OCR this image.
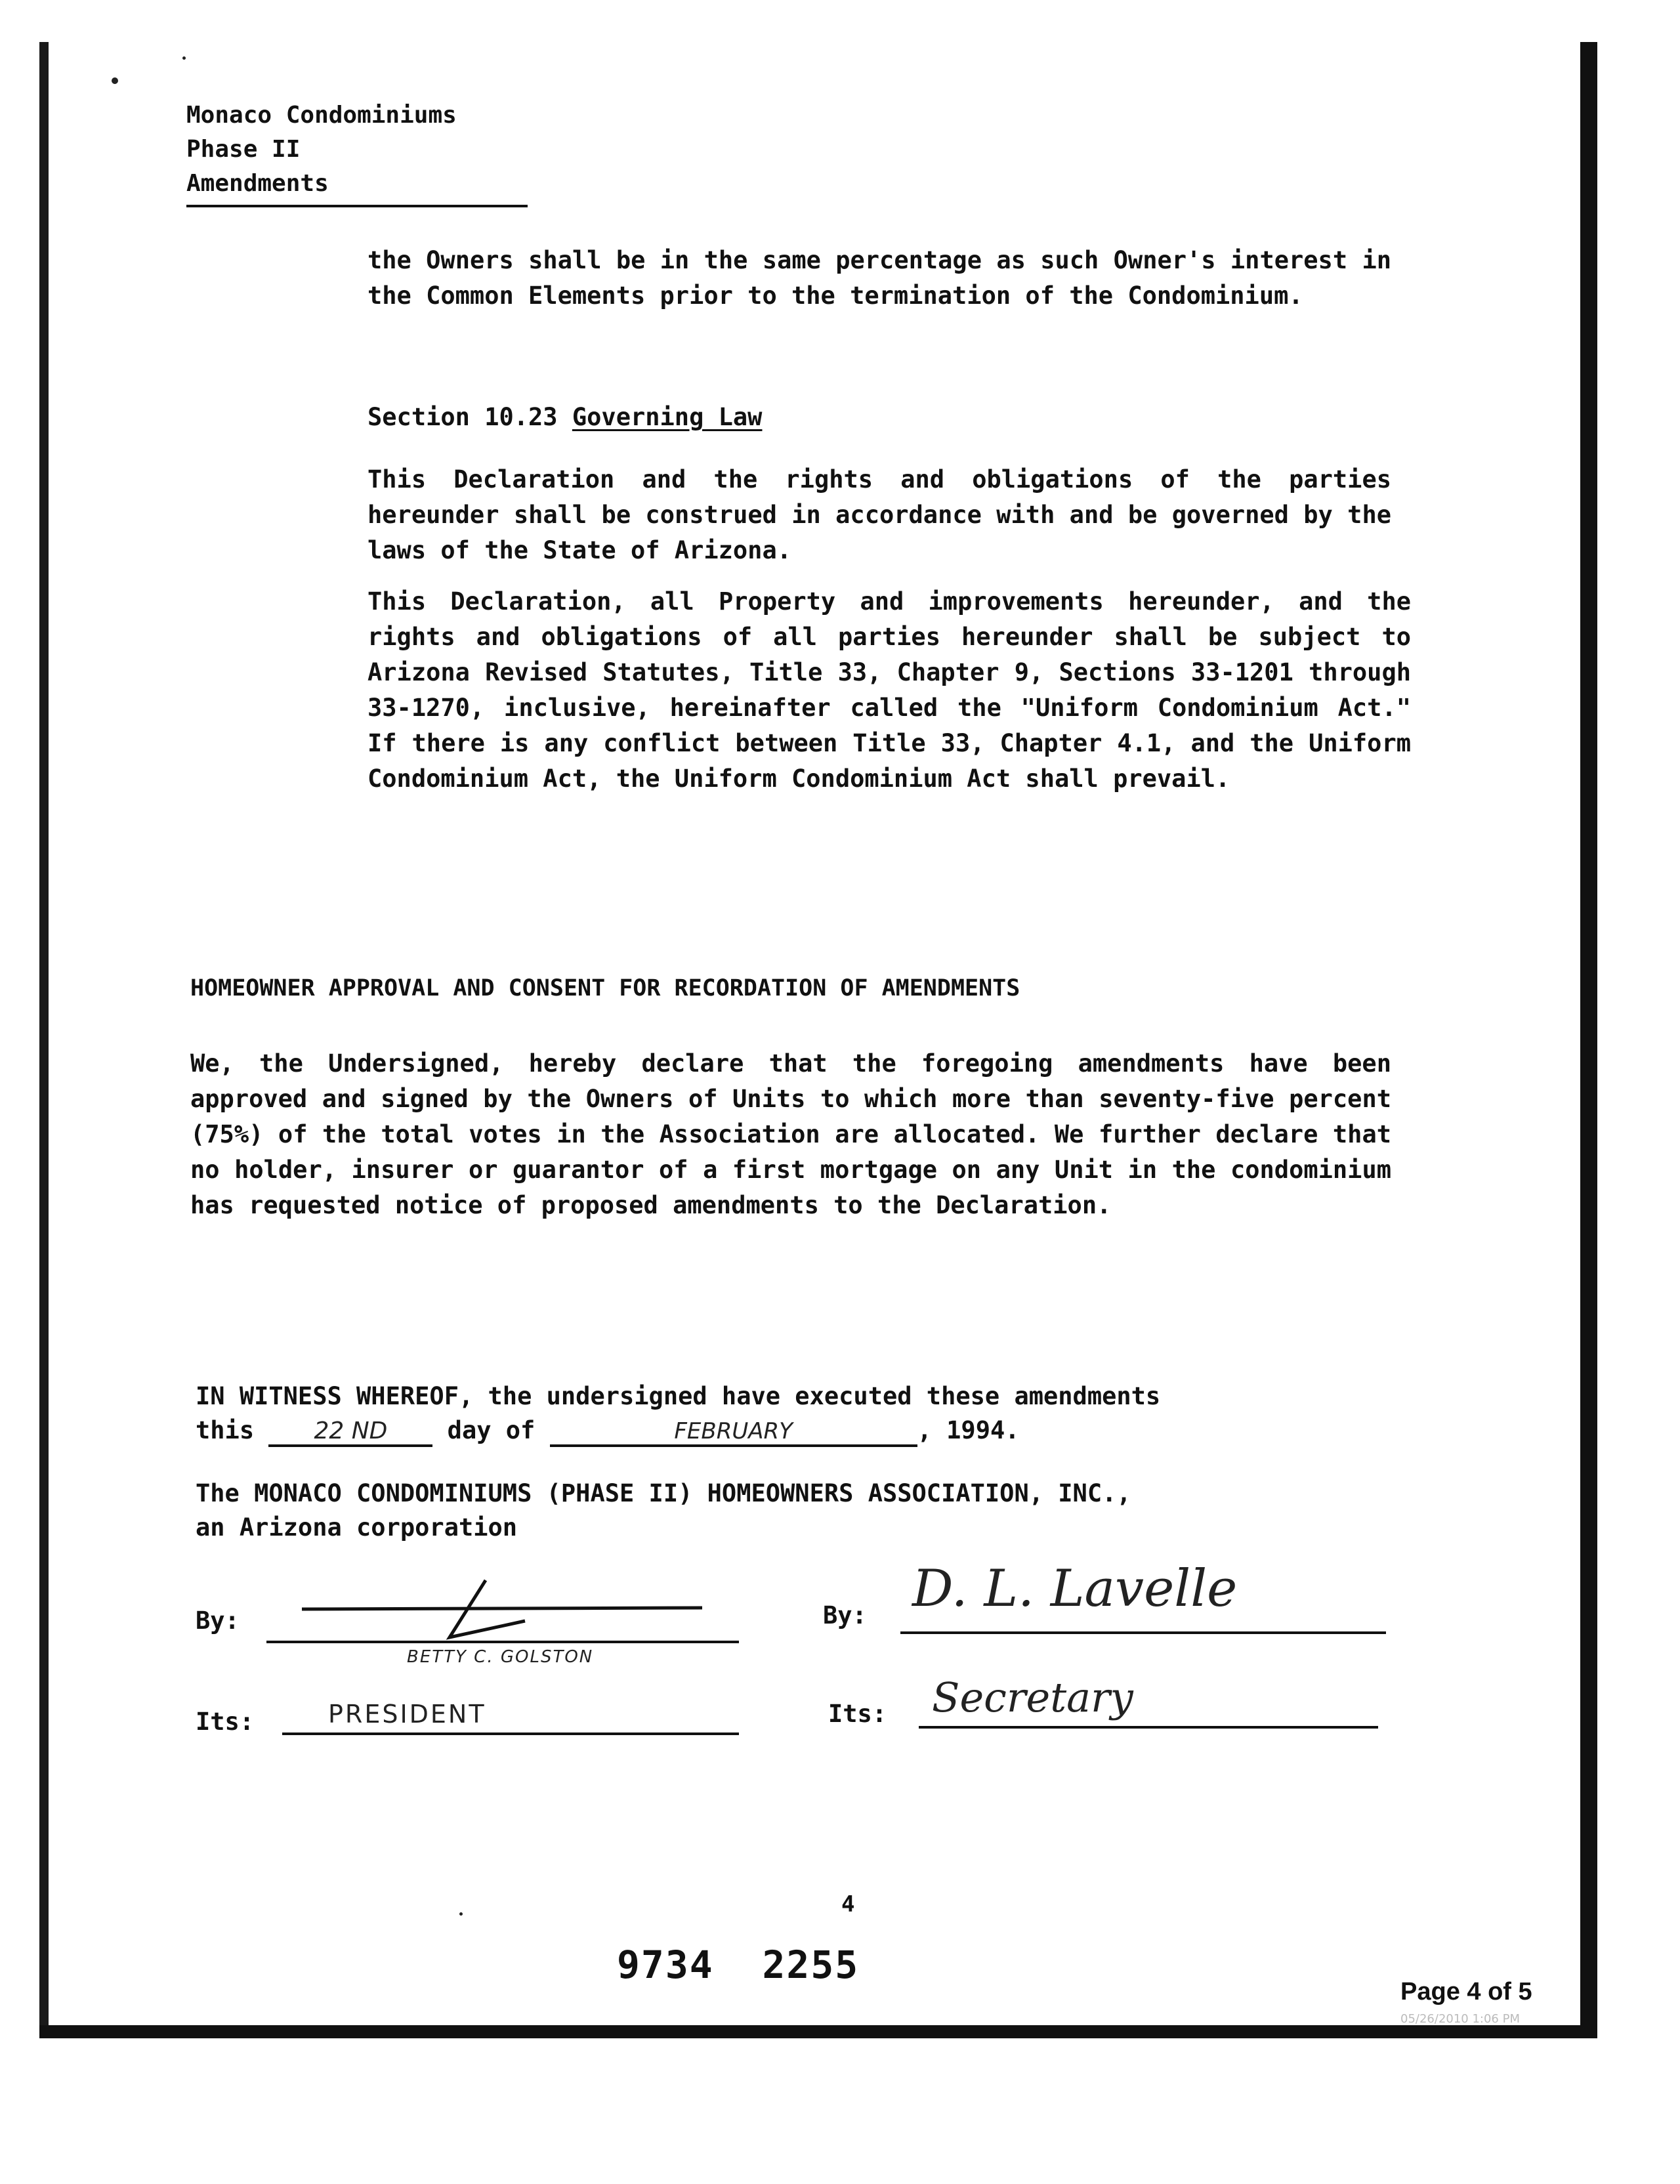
Monaco Condominiums
Phase II
Amendments
the Owners shall be in the same percentage as such Owner's interest in the Common Elements prior to the termination of the Condominium.
Section 10.23 Governing Law
This Declaration and the rights and obligations of the parties hereunder shall be construed in accordance with and be governed by the laws of the State of Arizona.
This Declaration, all Property and improvements hereunder, and the rights and obligations of all parties hereunder shall be subject to Arizona Revised Statutes, Title 33, Chapter 9, Sections 33-1201 through 33-1270, inclusive, hereinafter called the "Uniform Condominium Act." If there is any conflict between Title 33, Chapter 4.1, and the Uniform Condominium Act, the Uniform Condominium Act shall prevail.
HOMEOWNER APPROVAL AND CONSENT FOR RECORDATION OF AMENDMENTS
We, the Undersigned, hereby declare that the foregoing amendments have been approved and signed by the Owners of Units to which more than seventy-five percent (75%) of the total votes in the Association are allocated. We further declare that no holder, insurer or guarantor of a first mortgage on any Unit in the condominium has requested notice of proposed amendments to the Declaration.
IN WITNESS WHEREOF, the undersigned have executed these amendments
this	22 ND day of	FEBRUARY	, 1994.
The MONACO CONDOMINIUMS (PHASE II) HOMEOWNERS ASSOCIATION, INC.,
an Arizona corporation
By:
BETTY C. GOLSTON
Its:	PRESIDENT
By: D. L. Lavelle
Its: Secretary
4
9734  2255
Page 4 of 5
05/26/2010 1:06 PM
